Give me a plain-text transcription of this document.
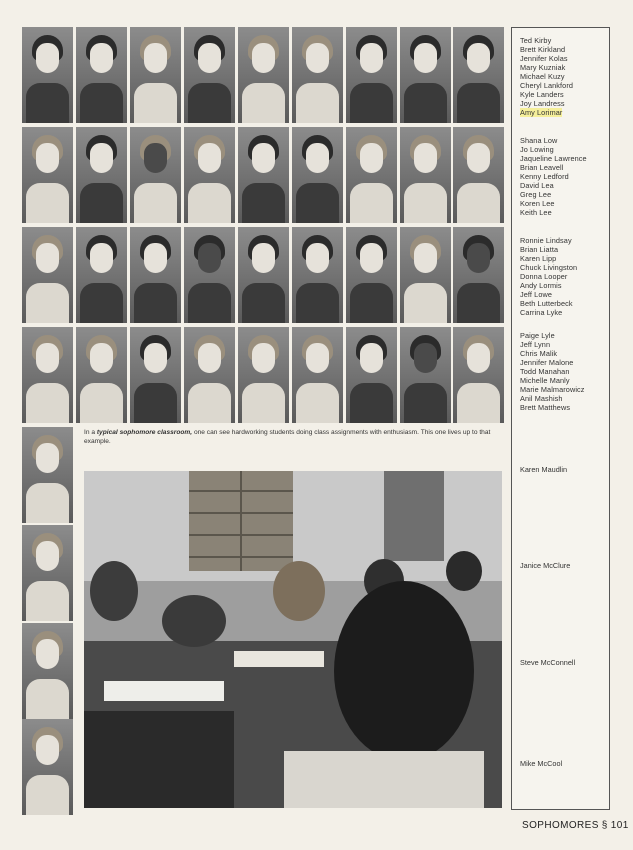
In a typical sophomore classroom, one can see hardworking students doing class assignments with enthusiasm. This one lives up to that example.
Ted Kirby
Brett Kirkland
Jennifer Kolas
Mary Kuzniak
Michael Kuzy
Cheryl Lankford
Kyle Landers
Joy Landress
Amy Lorimar
Shana Low
Jo Lowing
Jaqueline Lawrence
Brian Leavell
Kenny Ledford
David Lea
Greg Lee
Koren Lee
Keith Lee
Ronnie Lindsay
Brian Liatta
Karen Lipp
Chuck Livingston
Donna Looper
Andy Lormis
Jeff Lowe
Beth Lutterbeck
Carrina Lyke
Paige Lyle
Jeff Lynn
Chris Malik
Jennifer Malone
Todd Manahan
Michelle Manly
Marie Malmarowicz
Anil Mashish
Brett Matthews
Karen Maudlin
Janice McClure
Steve McConnell
Mike McCool
SOPHOMORES § 101
